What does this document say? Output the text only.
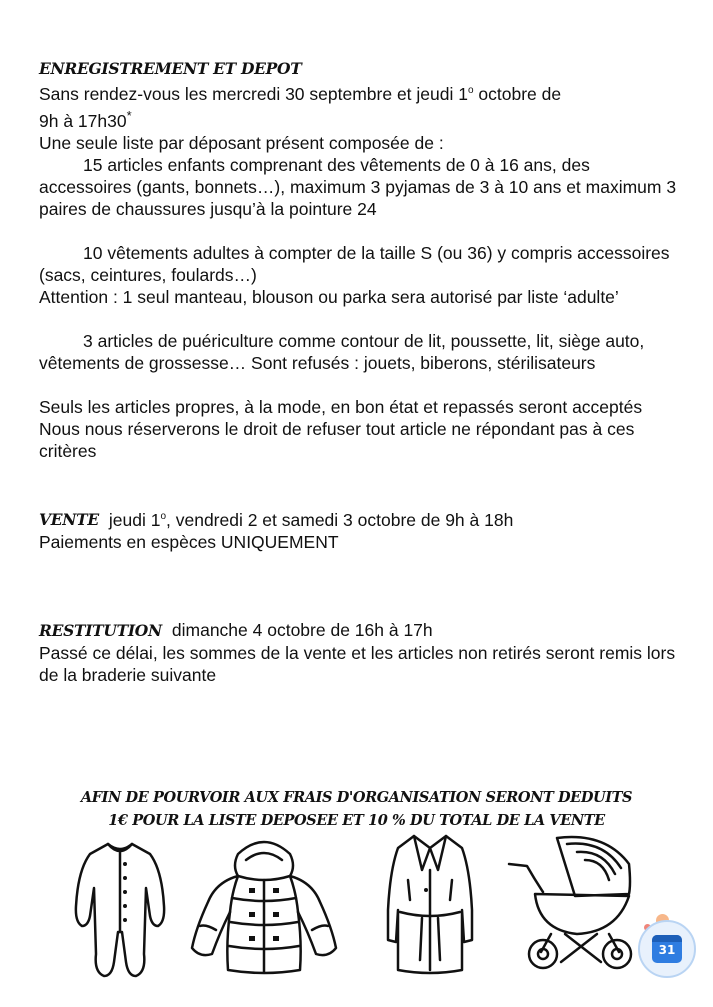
ENREGISTREMENT ET DEPOT

Sans rendez-vous les mercredi 30 septembre et jeudi 1$^o$ octobre de

9h à 17h30*

Une seule liste par déposant présent composée de :

15 articles enfants comprenant des vêtements de 0 à 16 ans, des accessoires (gants, bonnets…), maximum 3 pyjamas de 3 à 10 ans et maximum 3 paires de chaussures jusqu’à la pointure 24

10 vêtements adultes à compter de la taille S (ou 36) y compris accessoires (sacs, ceintures, foulards…)

Attention : 1 seul manteau, blouson ou parka sera autorisé par liste ‘adulte’

3 articles de puériculture comme contour de lit, poussette, lit, siège auto, vêtements de grossesse… Sont refusés : jouets, biberons, stérilisateurs

Seuls les articles propres, à la mode, en bon état et repassés seront acceptés

Nous nous réserverons le droit de refuser tout article ne répondant pas à ces critères

VENTE jeudi 1$^o$, vendredi 2 et samedi 3 octobre de 9h à 18h

Paiements en espèces UNIQUEMENT

RESTITUTION dimanche 4 octobre de 16h à 17h

Passé ce délai, les sommes de la vente et les articles non retirés seront remis lors de la braderie suivante

AFIN DE POURVOIR AUX FRAIS D'ORGANISATION SERONT DEDUITS
1€ POUR LA LISTE DEPOSEE ET 10 % DU TOTAL DE LA VENTE
31
